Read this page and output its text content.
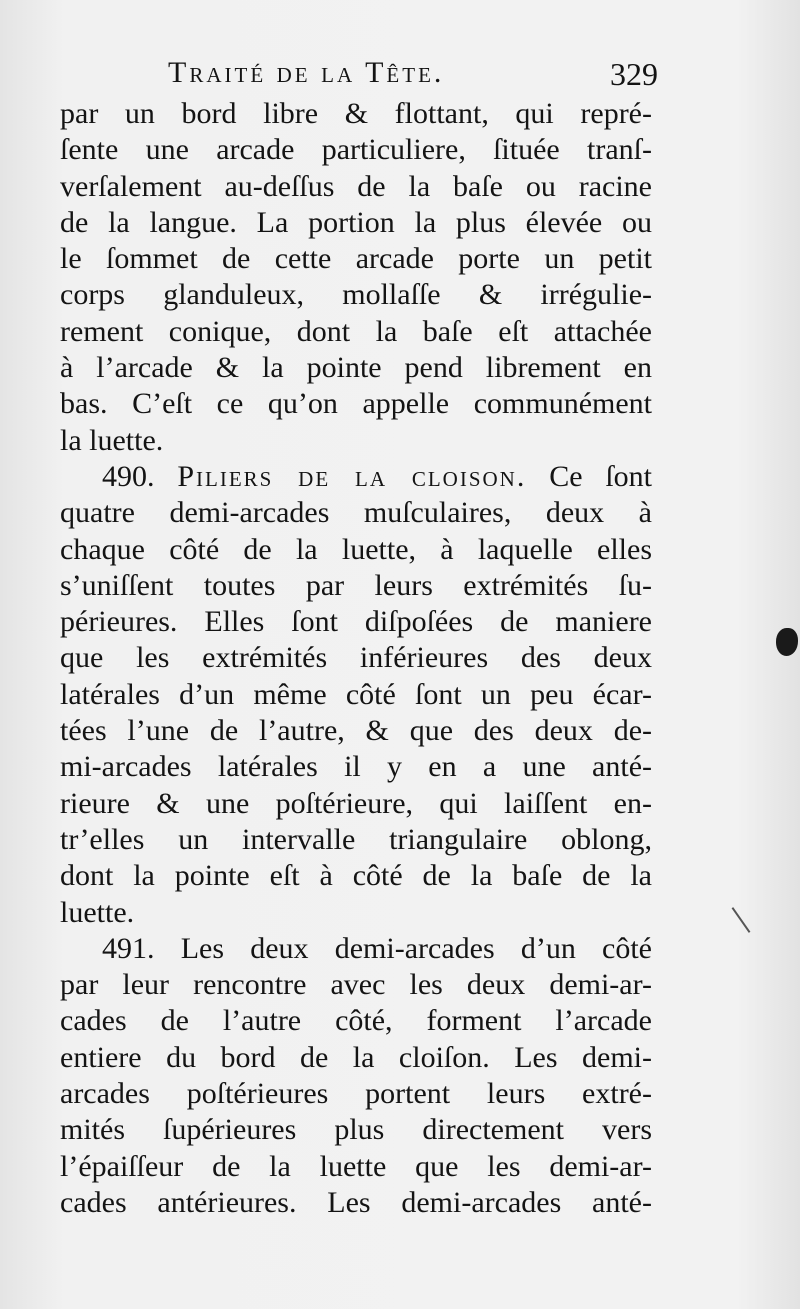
Traité de la Tête.	329
par un bord libre & flottant, qui repré-
ſente une arcade particuliere, ſituée tranſ-
verſalement au-deſſus de la baſe ou racine
de la langue. La portion la plus élevée ou
le ſommet de cette arcade porte un petit
corps glanduleux, mollaſſe & irrégulie-
rement conique, dont la baſe eſt attachée
à l’arcade & la pointe pend librement en
bas. C’eſt ce qu’on appelle communément
la luette.
490. Piliers de la cloison. Ce ſont
quatre demi-arcades muſculaires, deux à
chaque côté de la luette, à laquelle elles
s’uniſſent toutes par leurs extrémités ſu-
périeures. Elles ſont diſpoſées de maniere
que les extrémités inférieures des deux
latérales d’un même côté ſont un peu écar-
tées l’une de l’autre, & que des deux de-
mi-arcades latérales il y en a une anté-
rieure & une poſtérieure, qui laiſſent en-
tr’elles un intervalle triangulaire oblong,
dont la pointe eſt à côté de la baſe de la
luette.
491. Les deux demi-arcades d’un côté
par leur rencontre avec les deux demi-ar-
cades de l’autre côté, forment l’arcade
entiere du bord de la cloiſon. Les demi-
arcades poſtérieures portent leurs extré-
mités ſupérieures plus directement vers
l’épaiſſeur de la luette que les demi-ar-
cades antérieures. Les demi-arcades anté-
